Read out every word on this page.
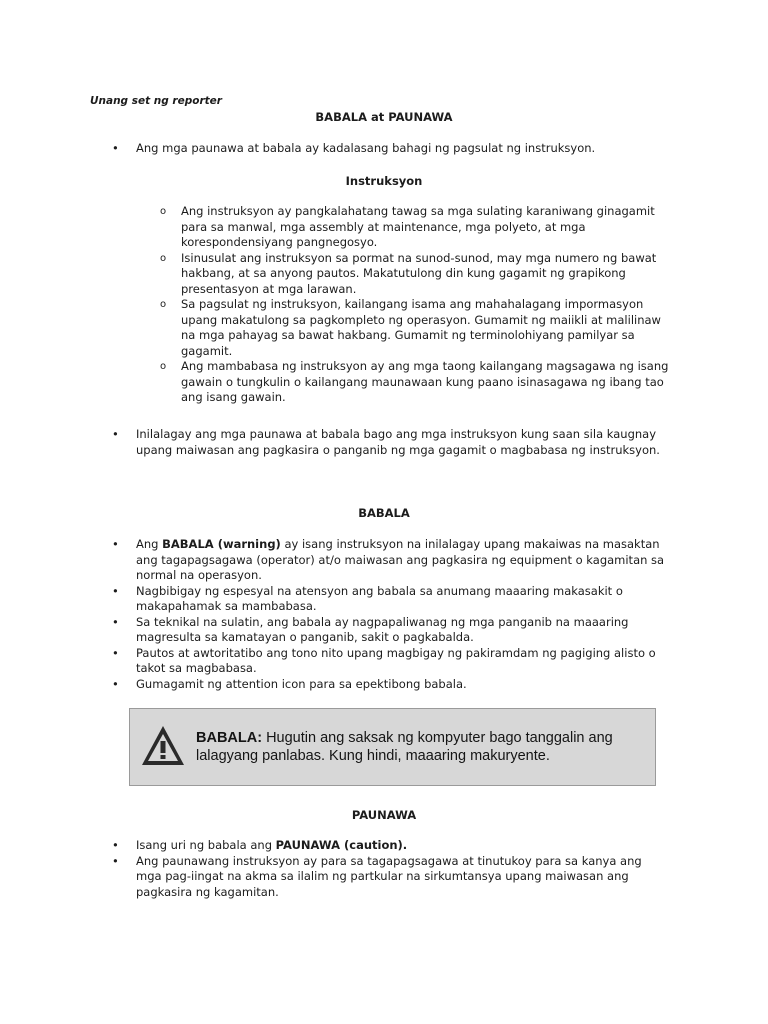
Unang set ng reporter
BABALA at PAUNAWA
• Ang mga paunawa at babala ay kadalasang bahagi ng pagsulat ng instruksyon.
Instruksyon
o Ang instruksyon ay pangkalahatang tawag sa mga sulating karaniwang ginagamit para sa manwal, mga assembly at maintenance, mga polyeto, at mga korespondensiyang pangnegosyo.
o Isinusulat ang instruksyon sa pormat na sunod-sunod, may mga numero ng bawat hakbang, at sa anyong pautos. Makatutulong din kung gagamit ng grapikong presentasyon at mga larawan.
o Sa pagsulat ng instruksyon, kailangang isama ang mahahalagang impormasyon upang makatulong sa pagkompleto ng operasyon. Gumamit ng maiikli at malilinaw na mga pahayag sa bawat hakbang. Gumamit ng terminolohiyang pamilyar sa gagamit.
o Ang mambabasa ng instruksyon ay ang mga taong kailangang magsagawa ng isang gawain o tungkulin o kailangang maunawaan kung paano isinasagawa ng ibang tao ang isang gawain.
• Inilalagay ang mga paunawa at babala bago ang mga instruksyon kung saan sila kaugnay upang maiwasan ang pagkasira o panganib ng mga gagamit o magbabasa ng instruksyon.
BABALA
• Ang BABALA (warning) ay isang instruksyon na inilalagay upang makaiwas na masaktan ang tagapagsagawa (operator) at/o maiwasan ang pagkasira ng equipment o kagamitan sa normal na operasyon.
• Nagbibigay ng espesyal na atensyon ang babala sa anumang maaaring makasakit o makapahamak sa mambabasa.
• Sa teknikal na sulatin, ang babala ay nagpapaliwanag ng mga panganib na maaaring magresulta sa kamatayan o panganib, sakit o pagkabalda.
• Pautos at awtoritatibo ang tono nito upang magbigay ng pakiramdam ng pagiging alisto o takot sa magbabasa.
• Gumagamit ng attention icon para sa epektibong babala.
BABALA: Hugutin ang saksak ng kompyuter bago tanggalin ang lalagyang panlabas. Kung hindi, maaaring makuryente.
PAUNAWA
• Isang uri ng babala ang PAUNAWA (caution).
• Ang paunawang instruksyon ay para sa tagapagsagawa at tinutukoy para sa kanya ang mga pag-iingat na akma sa ilalim ng partkular na sirkumtansya upang maiwasan ang pagkasira ng kagamitan.
